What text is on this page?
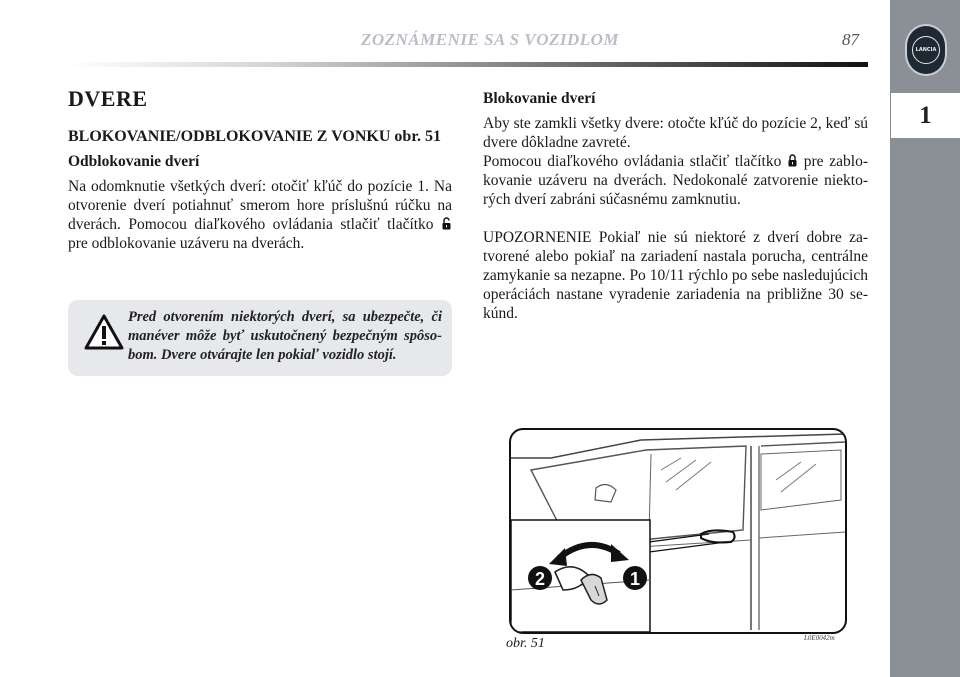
ZOZNÁMENIE SA S VOZIDLOM	87
LANCIA
1
DVERE
BLOKOVANIE/ODBLOKOVANIE Z VONKU obr. 51
Odblokovanie dverí

Na odomknutie všetkých dverí: otočiť kľúč do pozície 1. Na otvorenie dverí potiahnuť smerom hore príslušnú rúčku na dverách. Pomocou diaľkového ovládania stlačiť tlačítko  pre odblokovanie uzáveru na dverách.

Pred otvorením niektorých dverí, sa ubezpečte, či manéver môže byť uskutočnený bezpečným spôso-bom. Dvere otvárajte len pokiaľ vozidlo stojí.
Blokovanie dverí

Aby ste zamkli všetky dvere: otočte kľúč do pozície 2, keď sú dvere dôkladne zavreté.

Pomocou diaľkového ovládania stlačiť tlačítko pre zablo-kovanie uzáveru na dverách. Nedokonalé zatvorenie niekto-rých dverí zabráni súčasnému zamknutiu.

UPOZORNENIE Pokiaľ nie sú niektoré z dverí dobre za-tvorené alebo pokiaľ na zariadení nastala porucha, centrálne zamykanie sa nezapne. Po 10/11 rýchlo po sebe nasledujúcich operáciách nastane vyradenie zariadenia na približne 30 se-kúnd.

2	1
obr. 51	L0E0042m
